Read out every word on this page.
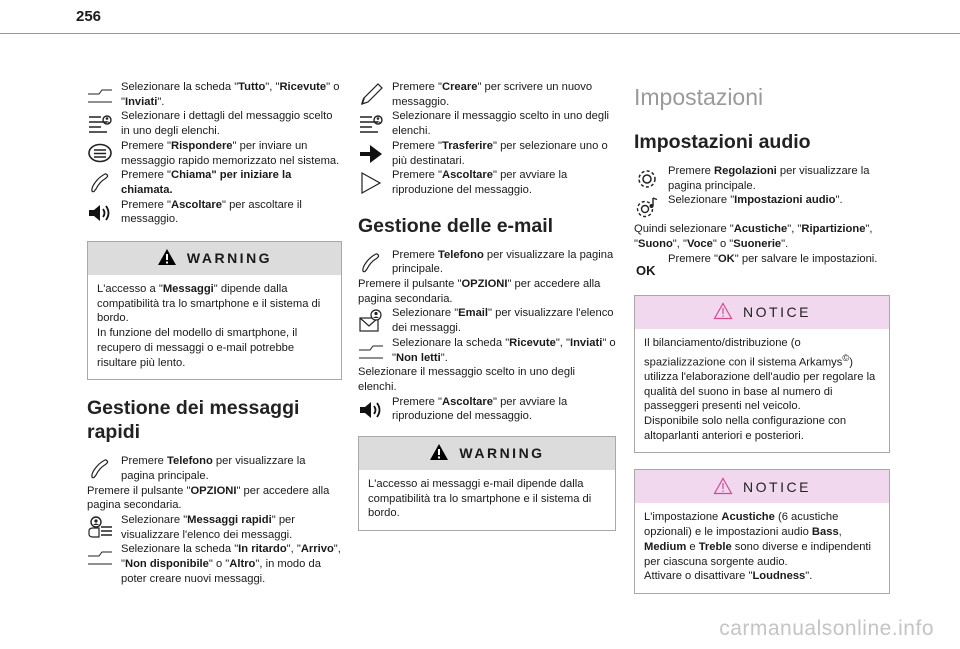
256
Selezionare la scheda "Tutto", "Ricevute" o "Inviati".
Selezionare i dettagli del messaggio scelto in uno degli elenchi.
Premere "Rispondere" per inviare un messaggio rapido memorizzato nel sistema.
Premere "Chiama" per iniziare la chiamata.
Premere "Ascoltare" per ascoltare il messaggio.
WARNING
L'accesso a "Messaggi" dipende dalla compatibilità tra lo smartphone e il sistema di bordo.
In funzione del modello di smartphone, il recupero di messaggi o e-mail potrebbe risultare più lento.
Gestione dei messaggi rapidi
Premere Telefono per visualizzare la pagina principale.

Premere il pulsante "OPZIONI" per accedere alla pagina secondaria.

Selezionare "Messaggi rapidi" per visualizzare l'elenco dei messaggi.
Selezionare la scheda "In ritardo", "Arrivo", "Non disponibile" o "Altro", in modo da poter creare nuovi messaggi.
Premere "Creare" per scrivere un nuovo messaggio.
Selezionare il messaggio scelto in uno degli elenchi.
Premere "Trasferire" per selezionare uno o più destinatari.
Premere "Ascoltare" per avviare la riproduzione del messaggio.
Gestione delle e-mail
Premere Telefono per visualizzare la pagina principale.

Premere il pulsante "OPZIONI" per accedere alla pagina secondaria.

Selezionare "Email" per visualizzare l'elenco dei messaggi.
Selezionare la scheda "Ricevute", "Inviati" o "Non letti".

Selezionare il messaggio scelto in uno degli elenchi.

Premere "Ascoltare" per avviare la riproduzione del messaggio.
WARNING
L'accesso ai messaggi e-mail dipende dalla compatibilità tra lo smartphone e il sistema di bordo.
Impostazioni
Impostazioni audio
Premere Regolazioni per visualizzare la pagina principale.
Selezionare "Impostazioni audio".

Quindi selezionare "Acustiche", "Ripartizione", "Suono", "Voce" o "Suonerie".

OK
Premere "OK" per salvare le impostazioni.
NOTICE
Il bilanciamento/distribuzione (o spazializzazione con il sistema Arkamys©) utilizza l'elaborazione dell'audio per regolare la qualità del suono in base al numero di passeggeri presenti nel veicolo.
Disponibile solo nella configurazione con altoparlanti anteriori e posteriori.
NOTICE
L'impostazione Acustiche (6 acustiche opzionali) e le impostazioni audio Bass, Medium e Treble sono diverse e indipendenti per ciascuna sorgente audio.
Attivare o disattivare "Loudness".
carmanualsonline.info
